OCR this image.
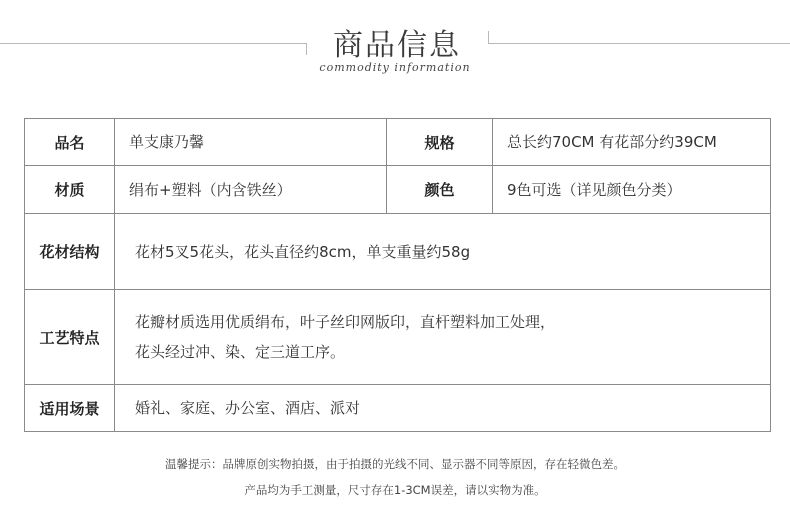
商品信息
commodity information
品名	单支康乃馨	规格	总长约70CM 有花部分约39CM
材质	绢布+塑料（内含铁丝）	颜色	9色可选（详见颜色分类）
花材结构	花材5叉5花头，花头直径约8cm，单支重量约58g		
工艺特点	花瓣材质选用优质绢布，叶子丝印网版印，直杆塑料加工处理，
花头经过冲、染、定三道工序。		

适用场景	婚礼、家庭、办公室、酒店、派对		
温馨提示：品牌原创实物拍摄，由于拍摄的光线不同、显示器不同等原因，存在轻微色差。
产品均为手工测量，尺寸存在1-3CM误差，请以实物为准。
